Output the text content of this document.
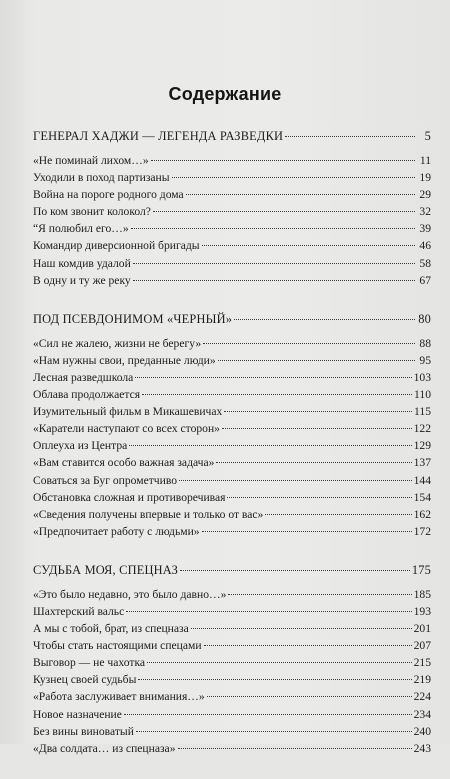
Содержание
ГЕНЕРАЛ ХАДЖИ — ЛЕГЕНДА РАЗВЕДКИ	5
«Не поминай лихом…»	11
Уходили в поход партизаны	19
Война на пороге родного дома	29
По ком звонит колокол?	32
“Я полюбил его…»	39
Командир диверсионной бригады	46
Наш комдив удалой	58
В одну и ту же реку	67
ПОД ПСЕВДОНИМОМ «ЧЕРНЫЙ»	80
«Сил не жалею, жизни не берегу»	88
«Нам нужны свои, преданные люди»	95
Лесная разведшкола	103
Облава продолжается	110
Изумительный фильм в Микашевичах	115
«Каратели наступают со всех сторон»	122
Оплеуха из Центра	129
«Вам ставится особо важная задача»	137
Соваться за Буг опрометчиво	144
Обстановка сложная и противоречивая	154
«Сведения получены впервые и только от вас»	162
«Предпочитает работу с людьми»	172
СУДЬБА МОЯ, СПЕЦНАЗ	175
«Это было недавно, это было давно…»	185
Шахтерский вальс	193
А мы с тобой, брат, из спецназа	201
Чтобы стать настоящими спецами	207
Выговор — не чахотка	215
Кузнец своей судьбы	219
«Работа заслуживает внимания…»	224
Новое назначение	234
Без вины виноватый	240
«Два солдата… из спецназа»	243
